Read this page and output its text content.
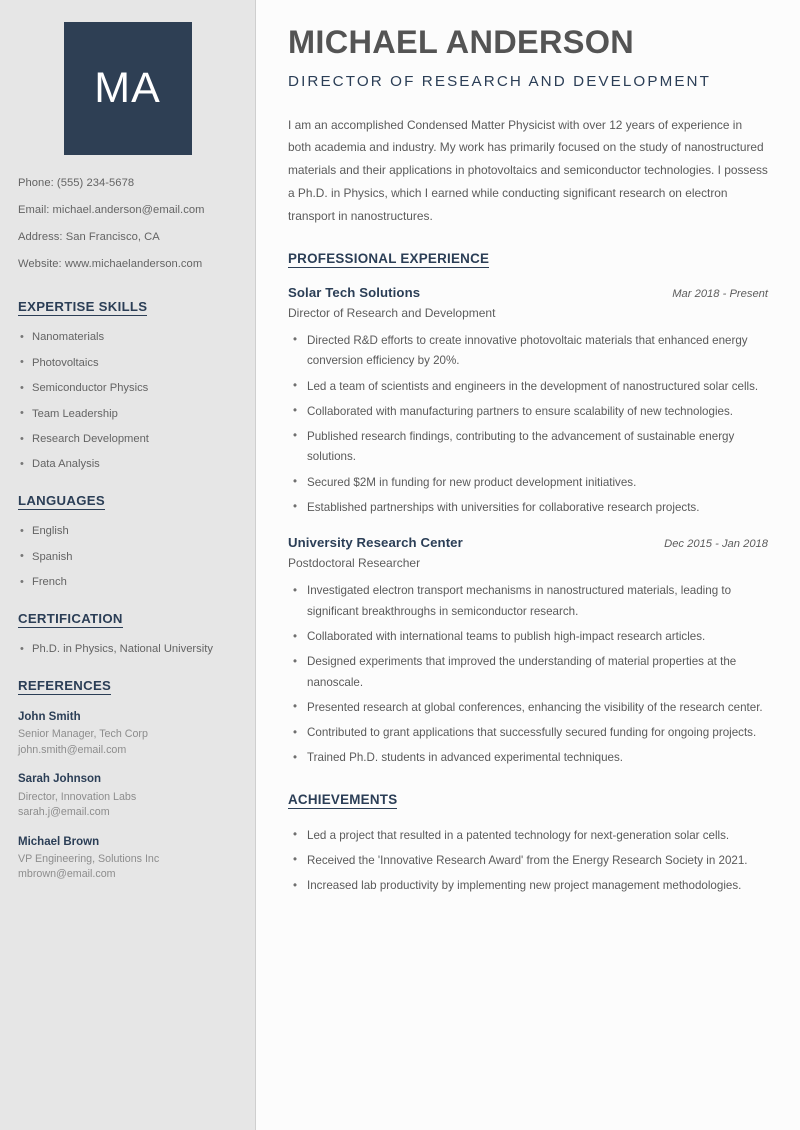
MA
Phone: (555) 234-5678
Email: michael.anderson@email.com
Address: San Francisco, CA
Website: www.michaelanderson.com
EXPERTISE SKILLS
• Nanomaterials
• Photovoltaics
• Semiconductor Physics
• Team Leadership
• Research Development
• Data Analysis
LANGUAGES
• English
• Spanish
• French
CERTIFICATION
• Ph.D. in Physics, National University
REFERENCES
John Smith
Senior Manager, Tech Corp
john.smith@email.com
Sarah Johnson
Director, Innovation Labs
sarah.j@email.com
Michael Brown
VP Engineering, Solutions Inc
mbrown@email.com
MICHAEL ANDERSON
DIRECTOR OF RESEARCH AND DEVELOPMENT

I am an accomplished Condensed Matter Physicist with over 12 years of experience in both academia and industry. My work has primarily focused on the study of nanostructured materials and their applications in photovoltaics and semiconductor technologies. I possess a Ph.D. in Physics, which I earned while conducting significant research on electron transport in nanostructures.

PROFESSIONAL EXPERIENCE
Solar Tech Solutions	Mar 2018 - Present
Director of Research and Development
• Directed R&D efforts to create innovative photovoltaic materials that enhanced energy conversion efficiency by 20%.
• Led a team of scientists and engineers in the development of nanostructured solar cells.
• Collaborated with manufacturing partners to ensure scalability of new technologies.
• Published research findings, contributing to the advancement of sustainable energy solutions.
• Secured $2M in funding for new product development initiatives.
• Established partnerships with universities for collaborative research projects.
University Research Center	Dec 2015 - Jan 2018
Postdoctoral Researcher
• Investigated electron transport mechanisms in nanostructured materials, leading to significant breakthroughs in semiconductor research.
• Collaborated with international teams to publish high-impact research articles.
• Designed experiments that improved the understanding of material properties at the nanoscale.
• Presented research at global conferences, enhancing the visibility of the research center.
• Contributed to grant applications that successfully secured funding for ongoing projects.
• Trained Ph.D. students in advanced experimental techniques.
ACHIEVEMENTS
• Led a project that resulted in a patented technology for next-generation solar cells.
• Received the 'Innovative Research Award' from the Energy Research Society in 2021.
• Increased lab productivity by implementing new project management methodologies.
